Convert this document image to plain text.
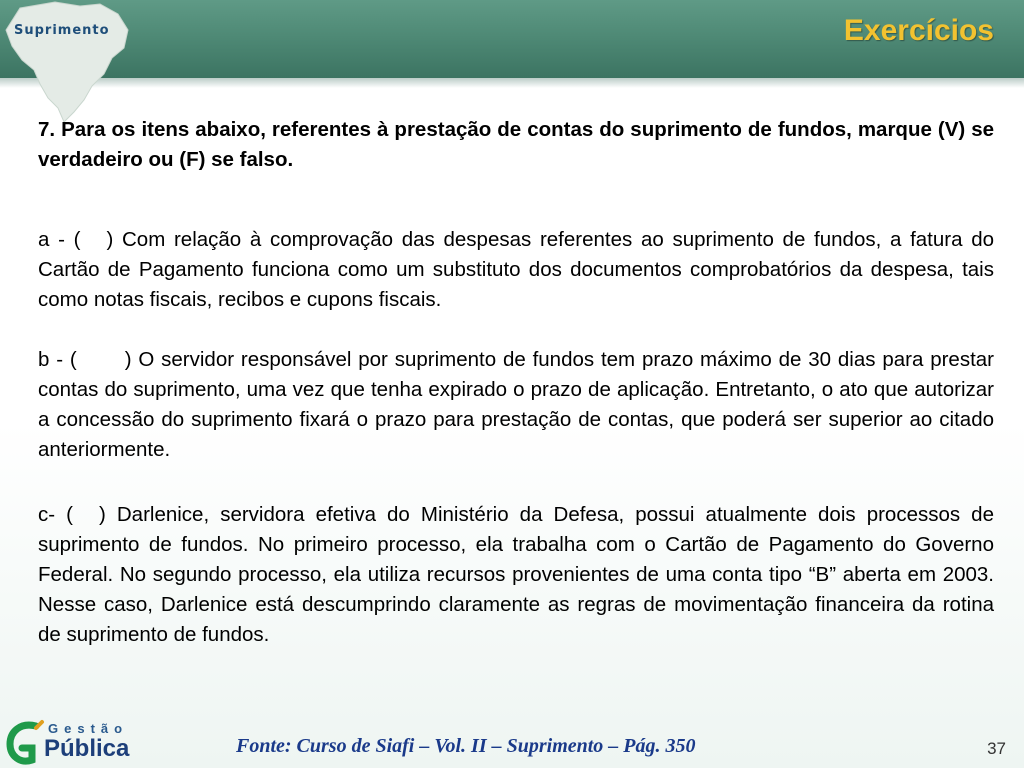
Suprimento	Exercícios

7. Para os itens abaixo, referentes à prestação de contas do suprimento de fundos, marque (V) se verdadeiro ou (F) se falso.

a - ( ) Com relação à comprovação das despesas referentes ao suprimento de fundos, a fatura do Cartão de Pagamento funciona como um substituto dos documentos comprobatórios da despesa, tais como notas fiscais, recibos e cupons fiscais.

b - ( ) O servidor responsável por suprimento de fundos tem prazo máximo de 30 dias para prestar contas do suprimento, uma vez que tenha expirado o prazo de aplicação. Entretanto, o ato que autorizar a concessão do suprimento fixará o prazo para prestação de contas, que poderá ser superior ao citado anteriormente.

c- ( ) Darlenice, servidora efetiva do Ministério da Defesa, possui atualmente dois processos de suprimento de fundos. No primeiro processo, ela trabalha com o Cartão de Pagamento do Governo Federal. No segundo processo, ela utiliza recursos provenientes de uma conta tipo “B” aberta em 2003. Nesse caso, Darlenice está descumprindo claramente as regras de movimentação financeira da rotina de suprimento de fundos.

Gestão
Pública	Fonte: Curso de Siafi – Vol. II – Suprimento – Pág. 350	37
